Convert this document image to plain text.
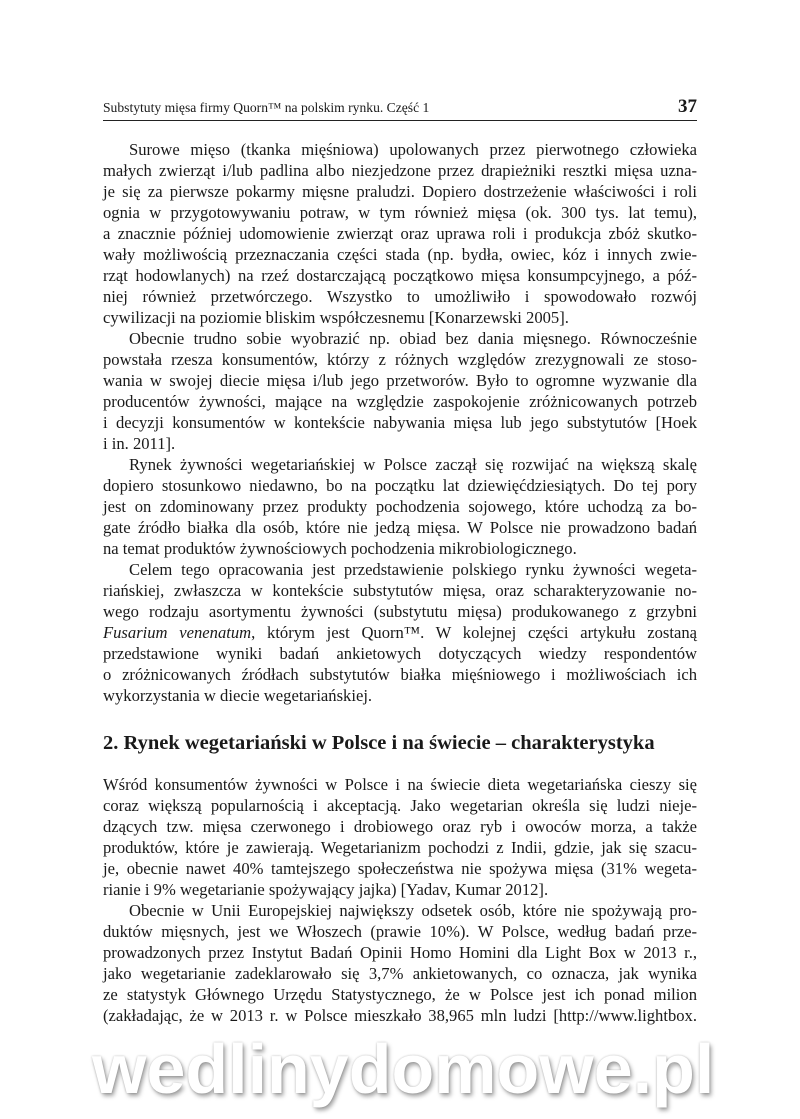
Substytuty mięsa firmy Quorn™ na polskim rynku. Część 1	37
Surowe mięso (tkanka mięśniowa) upolowanych przez pierwotnego człowieka
małych zwierząt i/lub padlina albo niezjedzone przez drapieżniki resztki mięsa uzna-
je się za pierwsze pokarmy mięsne praludzi. Dopiero dostrzeżenie właściwości i roli
ognia w przygotowywaniu potraw, w tym również mięsa (ok. 300 tys. lat temu),
a znacznie później udomowienie zwierząt oraz uprawa roli i produkcja zbóż skutko-
wały możliwością przeznaczania części stada (np. bydła, owiec, kóz i innych zwie-
rząt hodowlanych) na rzeź dostarczającą początkowo mięsa konsumpcyjnego, a póź-
niej również przetwórczego. Wszystko to umożliwiło i spowodowało rozwój
cywilizacji na poziomie bliskim współczesnemu [Konarzewski 2005].
Obecnie trudno sobie wyobrazić np. obiad bez dania mięsnego. Równocześnie
powstała rzesza konsumentów, którzy z różnych względów zrezygnowali ze stoso-
wania w swojej diecie mięsa i/lub jego przetworów. Było to ogromne wyzwanie dla
producentów żywności, mające na względzie zaspokojenie zróżnicowanych potrzeb
i decyzji konsumentów w kontekście nabywania mięsa lub jego substytutów [Hoek
i in. 2011].
Rynek żywności wegetariańskiej w Polsce zaczął się rozwijać na większą skalę
dopiero stosunkowo niedawno, bo na początku lat dziewięćdziesiątych. Do tej pory
jest on zdominowany przez produkty pochodzenia sojowego, które uchodzą za bo-
gate źródło białka dla osób, które nie jedzą mięsa. W Polsce nie prowadzono badań
na temat produktów żywnościowych pochodzenia mikrobiologicznego.
Celem tego opracowania jest przedstawienie polskiego rynku żywności wegeta-
riańskiej, zwłaszcza w kontekście substytutów mięsa, oraz scharakteryzowanie no-
wego rodzaju asortymentu żywności (substytutu mięsa) produkowanego z grzybni
Fusarium venenatum, którym jest Quorn™. W kolejnej części artykułu zostaną
przedstawione wyniki badań ankietowych dotyczących wiedzy respondentów
o zróżnicowanych źródłach substytutów białka mięśniowego i możliwościach ich
wykorzystania w diecie wegetariańskiej.
2. Rynek wegetariański w Polsce i na świecie – charakterystyka
Wśród konsumentów żywności w Polsce i na świecie dieta wegetariańska cieszy się
coraz większą popularnością i akceptacją. Jako wegetarian określa się ludzi nieje-
dzących tzw. mięsa czerwonego i drobiowego oraz ryb i owoców morza, a także
produktów, które je zawierają. Wegetarianizm pochodzi z Indii, gdzie, jak się szacu-
je, obecnie nawet 40% tamtejszego społeczeństwa nie spożywa mięsa (31% wegeta-
rianie i 9% wegetarianie spożywający jajka) [Yadav, Kumar 2012].
Obecnie w Unii Europejskiej największy odsetek osób, które nie spożywają pro-
duktów mięsnych, jest we Włoszech (prawie 10%). W Polsce, według badań prze-
prowadzonych przez Instytut Badań Opinii Homo Homini dla Light Box w 2013 r.,
jako wegetarianie zadeklarowało się 3,7% ankietowanych, co oznacza, jak wynika
ze statystyk Głównego Urzędu Statystycznego, że w Polsce jest ich ponad milion
(zakładając, że w 2013 r. w Polsce mieszkało 38,965 mln ludzi [http://www.lightbox.
wedlinydomowe.pl
